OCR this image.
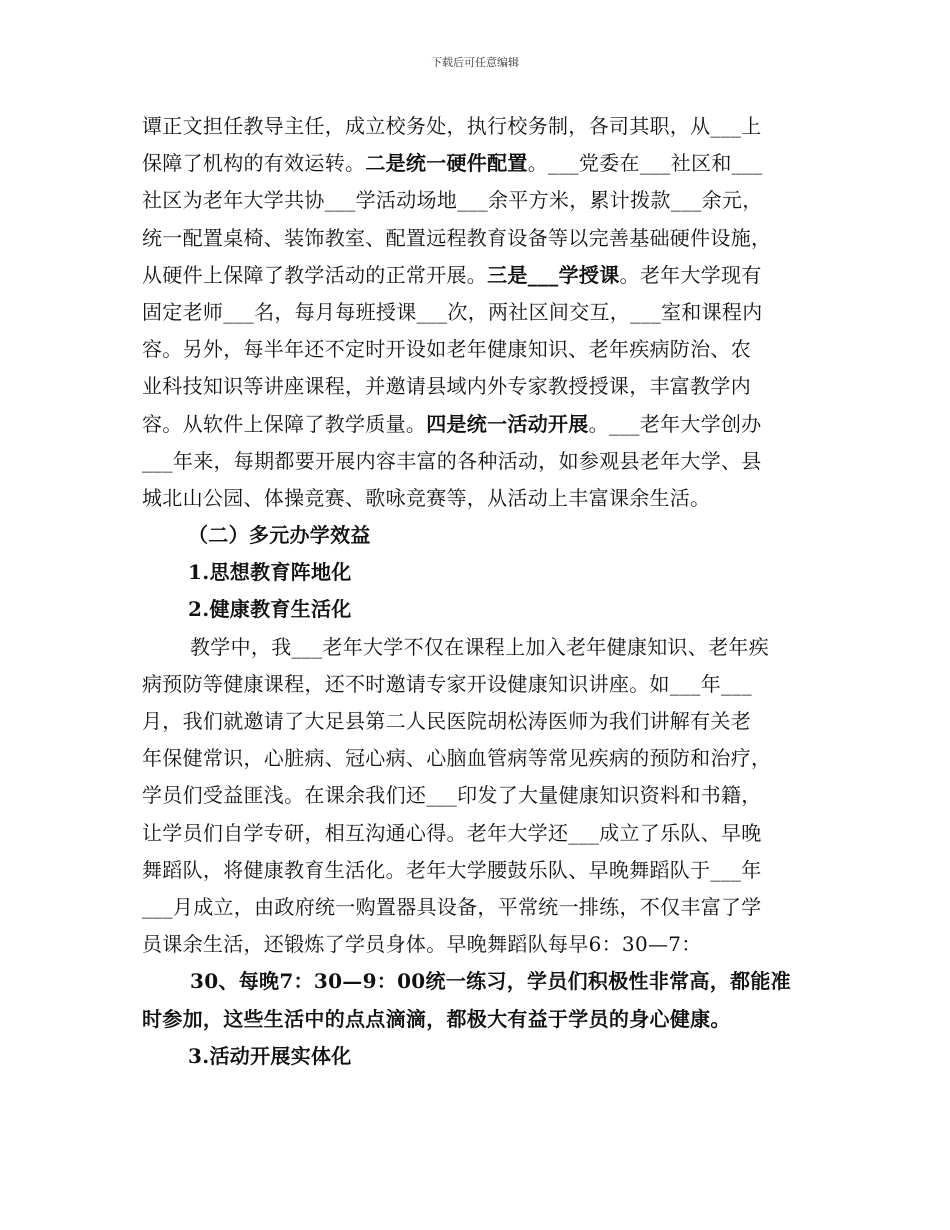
下载后可任意编辑
谭正文担任教导主任，成立校务处，执行校务制，各司其职，从___上
保障了机构的有效运转。二是统一硬件配置。___党委在___社区和___
社区为老年大学共协___学活动场地___余平方米，累计拨款___余元，
统一配置桌椅、装饰教室、配置远程教育设备等以完善基础硬件设施，
从硬件上保障了教学活动的正常开展。三是___学授课。老年大学现有
固定老师___名，每月每班授课___次，两社区间交互，___室和课程内
容。另外，每半年还不定时开设如老年健康知识、老年疾病防治、农
业科技知识等讲座课程，并邀请县域内外专家教授授课，丰富教学内
容。从软件上保障了教学质量。四是统一活动开展。___老年大学创办
___年来，每期都要开展内容丰富的各种活动，如参观县老年大学、县
城北山公园、体操竞赛、歌咏竞赛等，从活动上丰富课余生活。
（二）多元办学效益
1.思想教育阵地化
2.健康教育生活化
教学中，我___老年大学不仅在课程上加入老年健康知识、老年疾
病预防等健康课程，还不时邀请专家开设健康知识讲座。如___年___
月，我们就邀请了大足县第二人民医院胡松涛医师为我们讲解有关老
年保健常识，心脏病、冠心病、心脑血管病等常见疾病的预防和治疗，
学员们受益匪浅。在课余我们还___印发了大量健康知识资料和书籍，
让学员们自学专研，相互沟通心得。老年大学还___成立了乐队、早晚
舞蹈队，将健康教育生活化。老年大学腰鼓乐队、早晚舞蹈队于___年
___月成立，由政府统一购置器具设备，平常统一排练，不仅丰富了学
员课余生活，还锻炼了学员身体。早晚舞蹈队每早6：30—7：
30、每晚7：30—9：00统一练习，学员们积极性非常高，都能准
时参加，这些生活中的点点滴滴，都极大有益于学员的身心健康。
3.活动开展实体化
